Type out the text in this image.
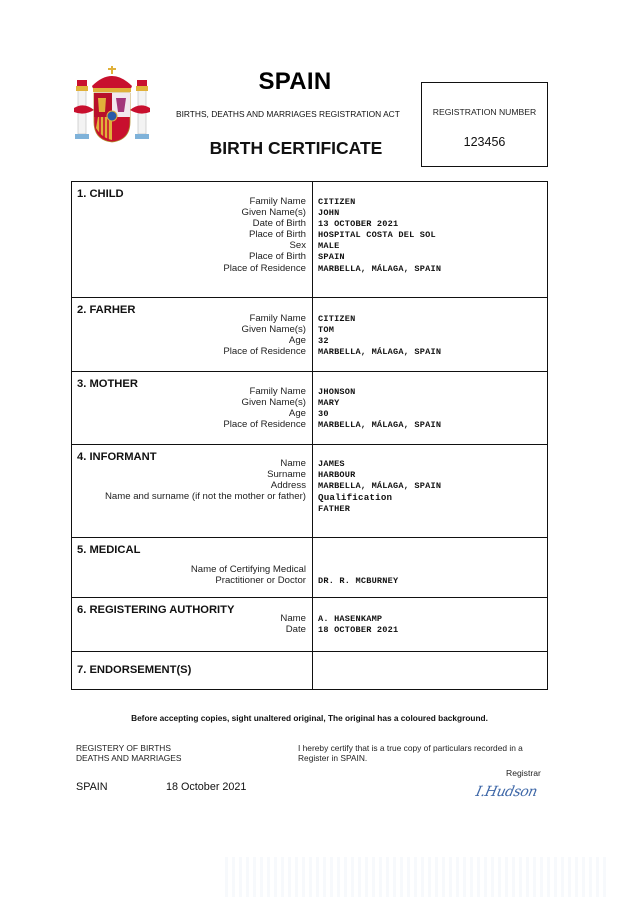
SPAIN
BIRTHS, DEATHS AND MARRIAGES REGISTRATION ACT
BIRTH CERTIFICATE
REGISTRATION NUMBER
123456
1. CHILD
Family Name
Given Name(s)
Date of Birth
Place of Birth
Sex
Place of Birth
Place of Residence
CITIZEN
JOHN
13 OCTOBER 2021
HOSPITAL COSTA DEL SOL
MALE
SPAIN
MARBELLA, MÁLAGA, SPAIN
2. FARHER
Family Name
Given Name(s)
Age
Place of Residence
CITIZEN
TOM
32
MARBELLA, MÁLAGA, SPAIN
3. MOTHER
Family Name
Given Name(s)
Age
Place of Residence
JHONSON
MARY
30
MARBELLA, MÁLAGA, SPAIN
4. INFORMANT
Name
Surname
Address
Name and surname (if not the mother or father)
JAMES
HARBOUR
MARBELLA, MÁLAGA, SPAIN
Qualification
FATHER
5. MEDICAL
Name of Certifying Medical
Practitioner or Doctor DR. R. MCBURNEY
6. REGISTERING AUTHORITY
Name
Date
A. HASENKAMP
18 OCTOBER 2021
7. ENDORSEMENT(S)
Before accepting copies, sight unaltered original, The original has a coloured background.
REGISTERY OF BIRTHS
DEATHS AND MARRIAGES
I hereby certify that is a true copy of particulars recorded in a Register in SPAIN.
Registrar
SPAIN	18 October 2021	I.Hudson
